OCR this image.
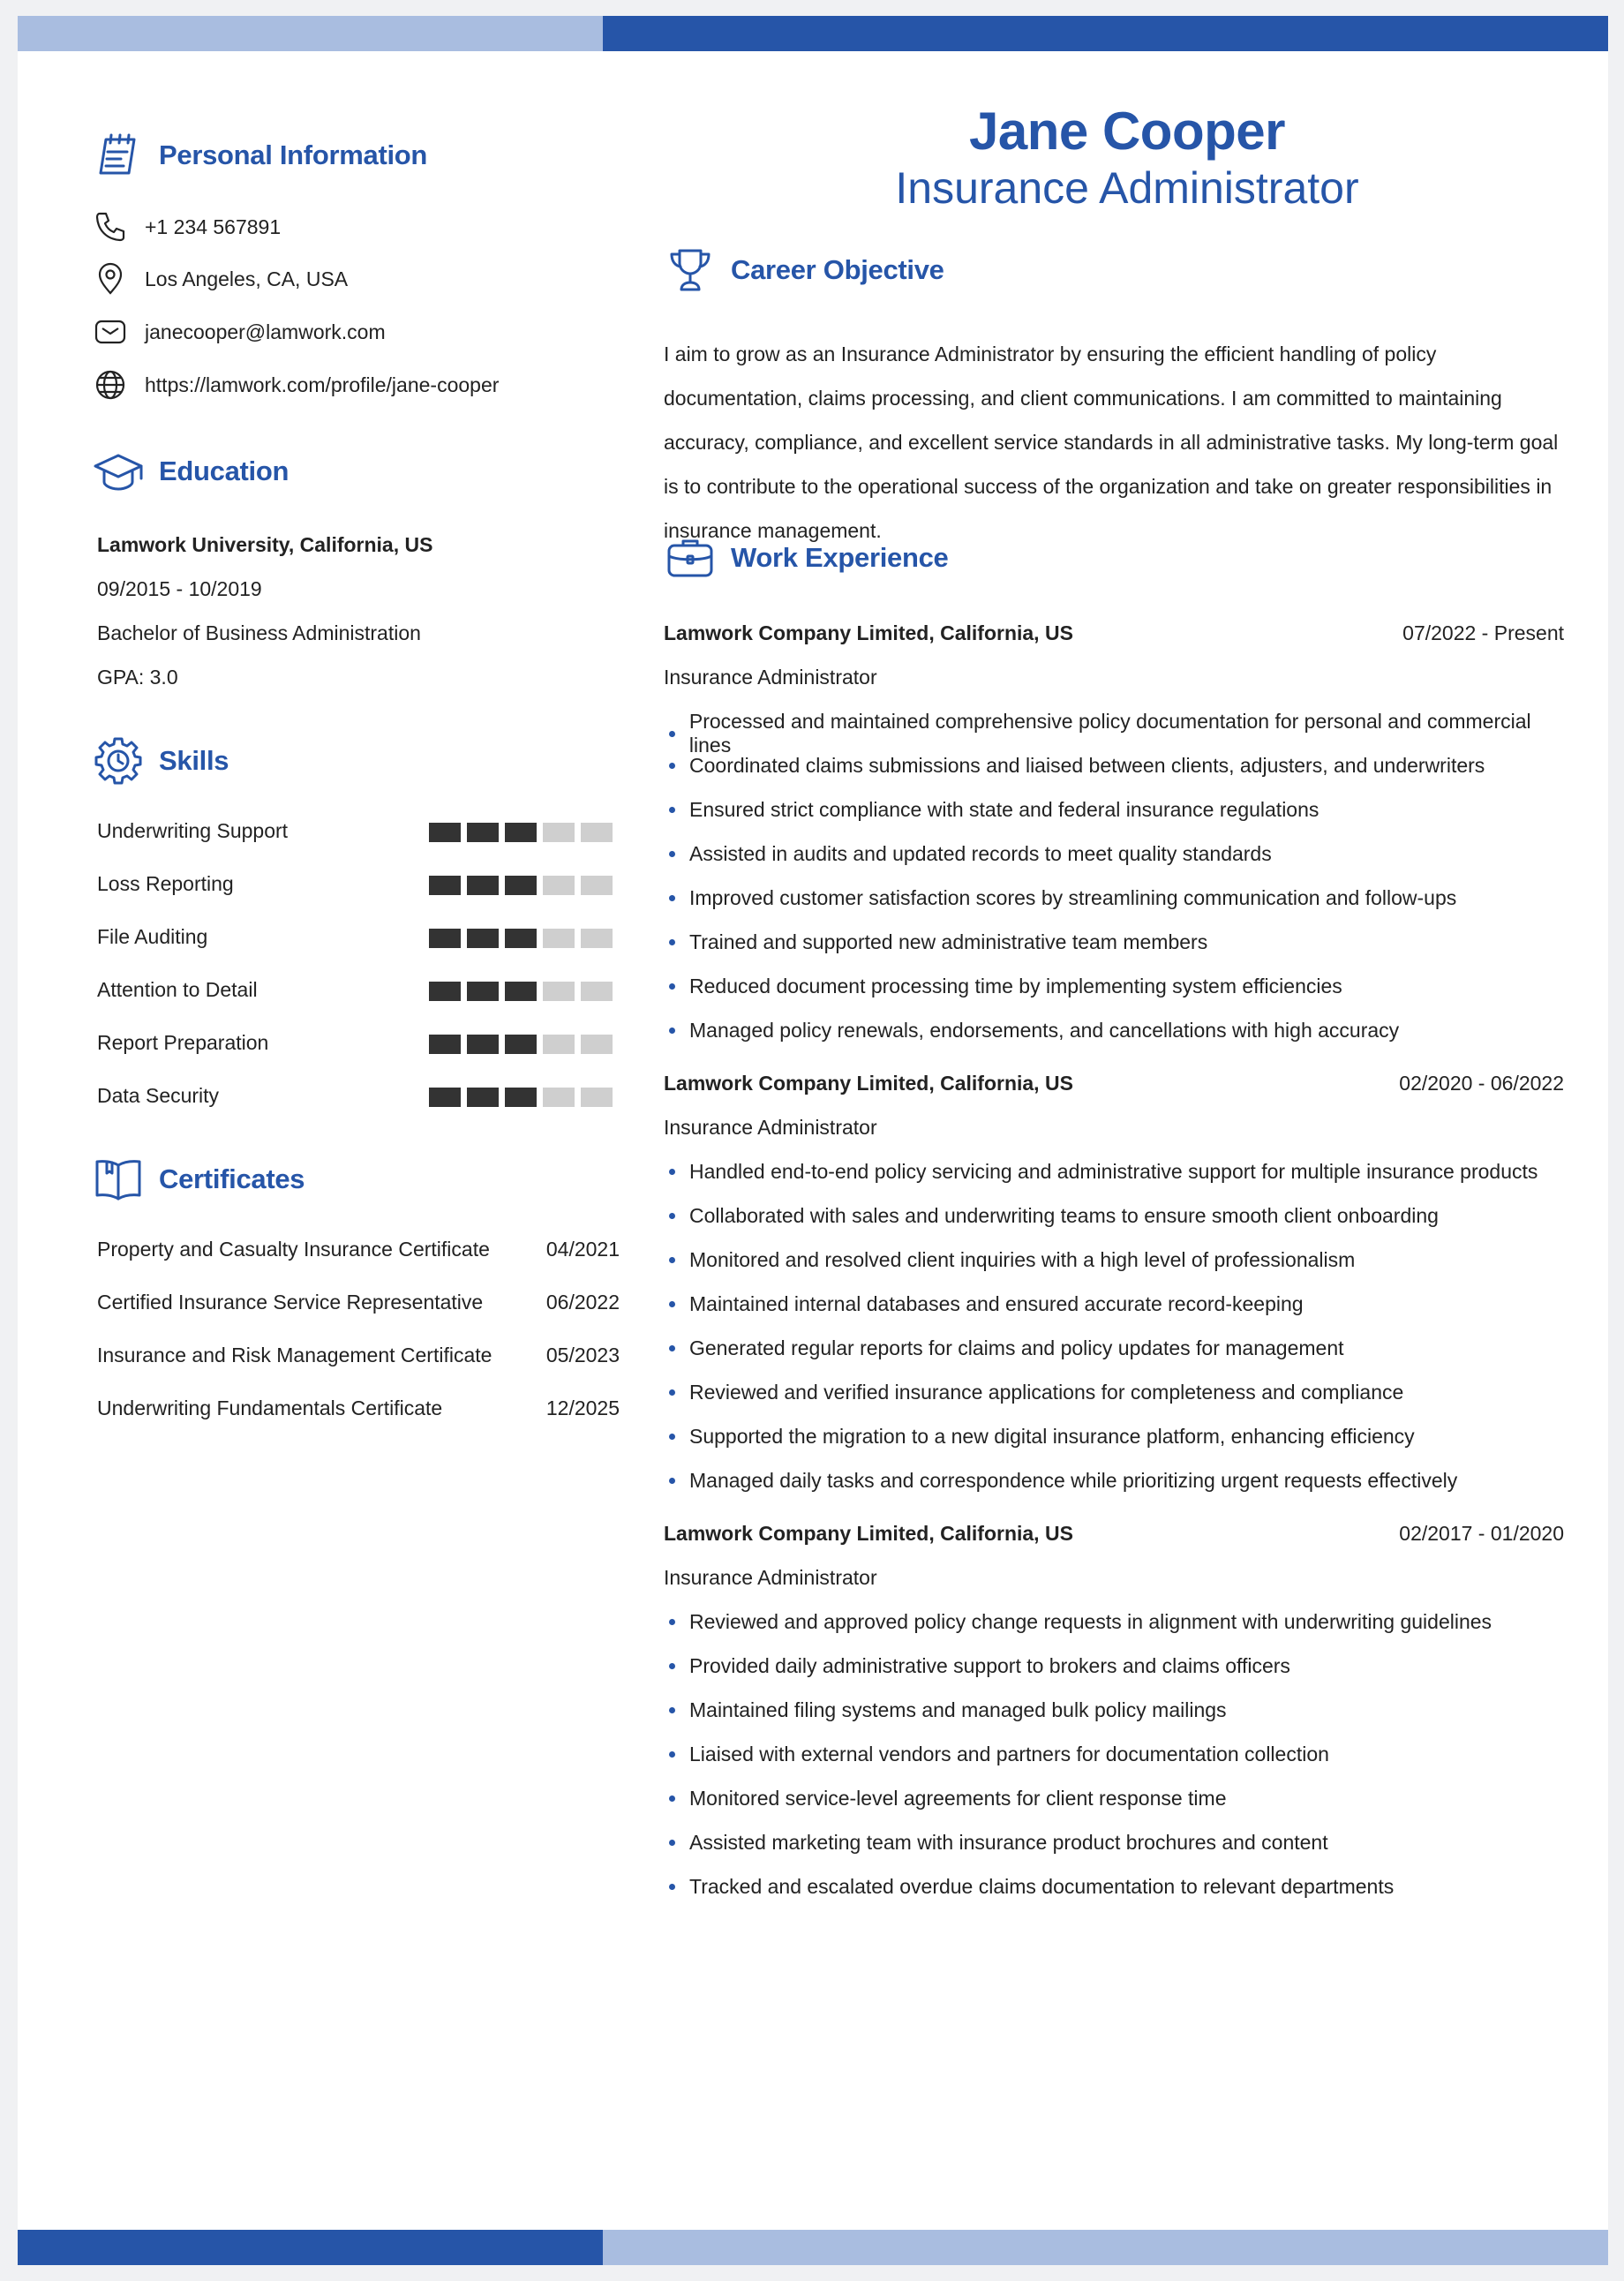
Personal Information
+1 234 567891
Los Angeles, CA, USA
janecooper@lamwork.com
https://lamwork.com/profile/jane-cooper
Education
Lamwork University, California, US
09/2015 - 10/2019
Bachelor of Business Administration
GPA: 3.0
Skills
Underwriting Support
Loss Reporting
File Auditing
Attention to Detail
Report Preparation
Data Security
Certificates
Property and Casualty Insurance Certificate	04/2021
Certified Insurance Service Representative	06/2022
Insurance and Risk Management Certificate	05/2023
Underwriting Fundamentals Certificate	12/2025
Jane Cooper
Insurance Administrator
Career Objective
I aim to grow as an Insurance Administrator by ensuring the efficient handling of policy documentation, claims processing, and client communications. I am committed to maintaining accuracy, compliance, and excellent service standards in all administrative tasks. My long-term goal is to contribute to the operational success of the organization and take on greater responsibilities in insurance management.
Work Experience
Lamwork Company Limited, California, US	07/2022 - Present
Insurance Administrator
Processed and maintained comprehensive policy documentation for personal and commercial lines
Coordinated claims submissions and liaised between clients, adjusters, and underwriters
Ensured strict compliance with state and federal insurance regulations
Assisted in audits and updated records to meet quality standards
Improved customer satisfaction scores by streamlining communication and follow-ups
Trained and supported new administrative team members
Reduced document processing time by implementing system efficiencies
Managed policy renewals, endorsements, and cancellations with high accuracy
Lamwork Company Limited, California, US	02/2020 - 06/2022
Insurance Administrator
Handled end-to-end policy servicing and administrative support for multiple insurance products
Collaborated with sales and underwriting teams to ensure smooth client onboarding
Monitored and resolved client inquiries with a high level of professionalism
Maintained internal databases and ensured accurate record-keeping
Generated regular reports for claims and policy updates for management
Reviewed and verified insurance applications for completeness and compliance
Supported the migration to a new digital insurance platform, enhancing efficiency
Managed daily tasks and correspondence while prioritizing urgent requests effectively
Lamwork Company Limited, California, US	02/2017 - 01/2020
Insurance Administrator
Reviewed and approved policy change requests in alignment with underwriting guidelines
Provided daily administrative support to brokers and claims officers
Maintained filing systems and managed bulk policy mailings
Liaised with external vendors and partners for documentation collection
Monitored service-level agreements for client response time
Assisted marketing team with insurance product brochures and content
Tracked and escalated overdue claims documentation to relevant departments
